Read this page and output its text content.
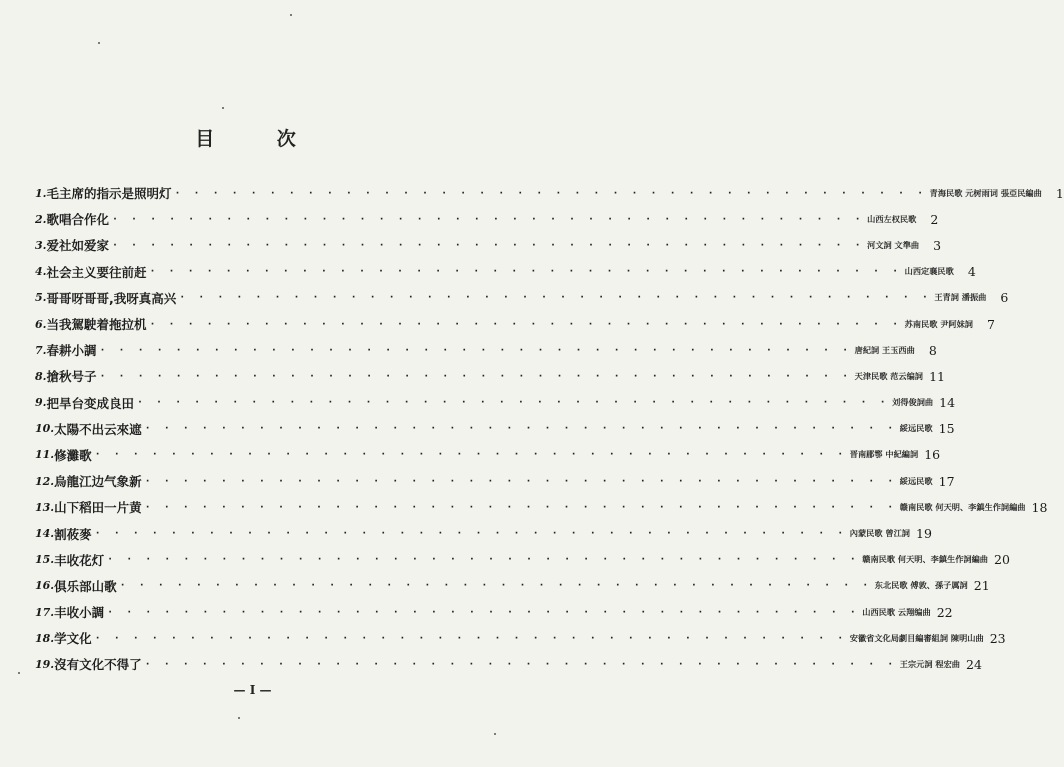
目 次
1. 毛主席的指示是照明灯 · · · · · · · · · · · · · · · · · · · · · · · · · · · · · · · · · · · · · · · · 青海民歌 元树雨词 張亞民編曲	1
2. 歌唱合作化 · · · · · · · · · · · · · · · · · · · · · · · · · · · · · · · · · · · · · · · · 山西左权民歌	2
3. 爱社如爱家 · · · · · · · · · · · · · · · · · · · · · · · · · · · · · · · · · · · · · · · · 河文詞 文準曲	3
4. 社会主义要往前赶 · · · · · · · · · · · · · · · · · · · · · · · · · · · · · · · · · · · · · · · · 山西定襄民歌	4
5. 哥哥呀哥哥,我呀真高兴 · · · · · · · · · · · · · · · · · · · · · · · · · · · · · · · · · · · · · · · · 王青詞 潘振曲	6
6. 当我駕駛着拖拉机 · · · · · · · · · · · · · · · · · · · · · · · · · · · · · · · · · · · · · · · · 苏南民歌 尹阿妹詞	7
7. 春耕小調 · · · · · · · · · · · · · · · · · · · · · · · · · · · · · · · · · · · · · · · · 唐紀詞 王玉西曲	8
8. 搶秋号子 · · · · · · · · · · · · · · · · · · · · · · · · · · · · · · · · · · · · · · · · 天津民歌 范云编詞 11
9. 把旱台变成良田 · · · · · · · · · · · · · · · · · · · · · · · · · · · · · · · · · · · · · · · · 刘得俊詞曲 14
10. 太陽不出云來遮 · · · · · · · · · · · · · · · · · · · · · · · · · · · · · · · · · · · · · · · · 綏远民歌 15
11. 修灘歌 · · · · · · · · · · · · · · · · · · · · · · · · · · · · · · · · · · · · · · · · 晋南郿鄠 中紀編詞 16
12. 烏龍江边气象新 · · · · · · · · · · · · · · · · · · · · · · · · · · · · · · · · · · · · · · · · 綏远民歌 17
13. 山下稻田一片黄 · · · · · · · · · · · · · · · · · · · · · · · · · · · · · · · · · · · · · · · · 赣南民歌 何天明、李鎮生作詞編曲 18
14. 割莜麥 · · · · · · · · · · · · · · · · · · · · · · · · · · · · · · · · · · · · · · · · 內蒙民歌 曾江詞 19
15. 丰收花灯 · · · · · · · · · · · · · · · · · · · · · · · · · · · · · · · · · · · · · · · · 赣南民歌 何天明、李鎮生作詞編曲 20
16. 俱乐部山歌 · · · · · · · · · · · · · · · · · · · · · · · · · · · · · · · · · · · · · · · · 东北民歌 傅敦、孫子厲詞 21
17. 丰收小調 · · · · · · · · · · · · · · · · · · · · · · · · · · · · · · · · · · · · · · · · 山西民歌 云翔编曲 22
18. 学文化 · · · · · · · · · · · · · · · · · · · · · · · · · · · · · · · · · · · · · · · · 安徽省文化局劇目編審組詞 陳明山曲 23
19. 沒有文化不得了 · · · · · · · · · · · · · · · · · · · · · · · · · · · · · · · · · · · · · · · · 王宗元詞 程宏曲 24
— I —
